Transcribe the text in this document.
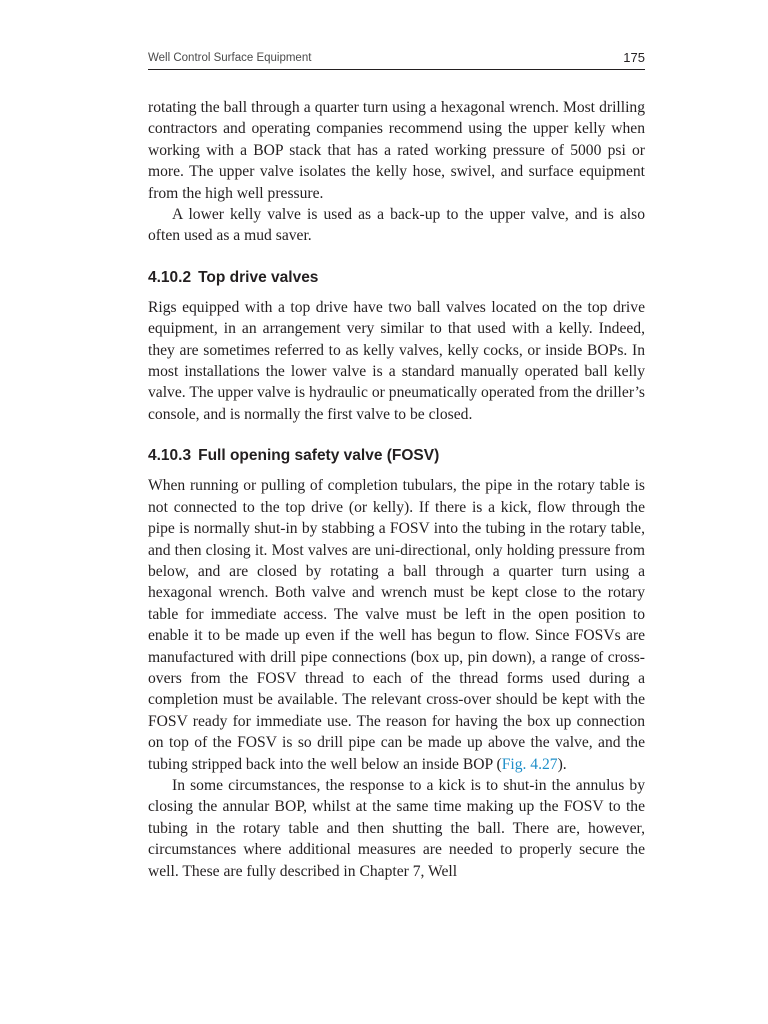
Well Control Surface Equipment	175

rotating the ball through a quarter turn using a hexagonal wrench. Most drilling contractors and operating companies recommend using the upper kelly when working with a BOP stack that has a rated working pressure of 5000 psi or more. The upper valve isolates the kelly hose, swivel, and surface equipment from the high well pressure.

A lower kelly valve is used as a back-up to the upper valve, and is also often used as a mud saver.

4.10.2 Top drive valves

Rigs equipped with a top drive have two ball valves located on the top drive equipment, in an arrangement very similar to that used with a kelly. Indeed, they are sometimes referred to as kelly valves, kelly cocks, or inside BOPs. In most installations the lower valve is a standard manually operated ball kelly valve. The upper valve is hydraulic or pneumatically operated from the driller’s console, and is normally the first valve to be closed.

4.10.3 Full opening safety valve (FOSV)

When running or pulling of completion tubulars, the pipe in the rotary table is not connected to the top drive (or kelly). If there is a kick, flow through the pipe is normally shut-in by stabbing a FOSV into the tubing in the rotary table, and then closing it. Most valves are uni-directional, only holding pressure from below, and are closed by rotating a ball through a quarter turn using a hexagonal wrench. Both valve and wrench must be kept close to the rotary table for immediate access. The valve must be left in the open position to enable it to be made up even if the well has begun to flow. Since FOSVs are manufactured with drill pipe connections (box up, pin down), a range of cross-overs from the FOSV thread to each of the thread forms used during a completion must be available. The relevant cross-over should be kept with the FOSV ready for immediate use. The reason for having the box up connection on top of the FOSV is so drill pipe can be made up above the valve, and the tubing stripped back into the well below an inside BOP (Fig. 4.27).

In some circumstances, the response to a kick is to shut-in the annulus by closing the annular BOP, whilst at the same time making up the FOSV to the tubing in the rotary table and then shutting the ball. There are, however, circumstances where additional measures are needed to properly secure the well. These are fully described in Chapter 7, Well
